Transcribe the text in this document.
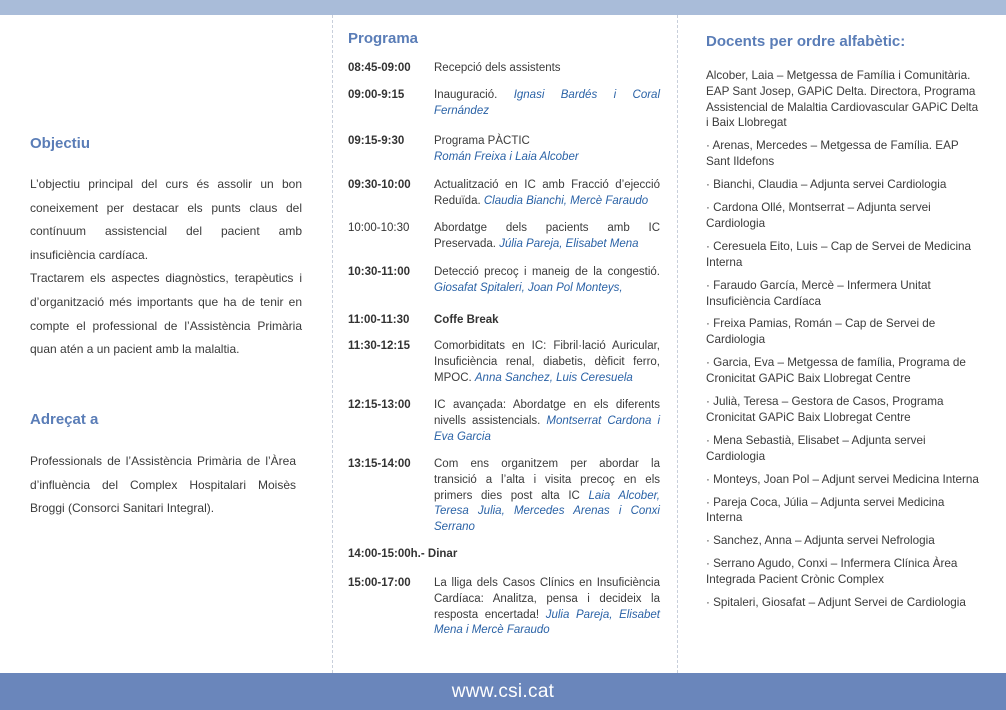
Objectiu

L’objectiu principal del curs és assolir un bon coneixement per destacar els punts claus del contínuum assistencial del pacient amb insuficiència cardíaca.

Tractarem els aspectes diagnòstics, terapèutics i d’organització més importants que ha de tenir en compte el professional de l’Assistència Primària quan atén a un pacient amb la malaltia.

Adreçat a
Professionals de l’Assistència Primària de l’Àrea d’influència del Complex Hospitalari Moisès Broggi (Consorci Sanitari Integral).
Programa
08:45-09:00	Recepció dels assistents
09:00-9:15	Inauguració. Ignasi Bardés i Coral Fernández
09:15-9:30	Programa PÀCTIC
Román Freixa i Laia Alcober
09:30-10:00	Actualització en IC amb Fracció d’ejecció Reduïda. Claudia Bianchi, Mercè Faraudo
10:00-10:30	Abordatge dels pacients amb IC Preservada. Júlia Pareja, Elisabet Mena
10:30-11:00	Detecció precoç i maneig de la congestió. Giosafat Spitaleri, Joan Pol Monteys,
11:00-11:30	Coffe Break
11:30-12:15	Comorbiditats en IC: Fibril·lació Auricular, Insuficiència renal, diabetis, dèficit ferro, MPOC. Anna Sanchez, Luis Ceresuela
12:15-13:00	IC avançada: Abordatge en els diferents nivells assistencials. Montserrat Cardona i Eva Garcia
13:15-14:00	Com ens organitzem per abordar la transició a l’alta i visita precoç en els primers dies post alta IC Laia Alcober, Teresa Julia, Mercedes Arenas i Conxi Serrano
14:00-15:00h.- Dinar
15:00-17:00	La lliga dels Casos Clínics en Insuficiència Cardíaca: Analitza, pensa i decideix la resposta encertada! Julia Pareja, Elisabet Mena i Mercè Faraudo
Docents per ordre alfabètic:
Alcober, Laia – Metgessa de Família i Comunitària. EAP Sant Josep, GAPiC Delta. Directora, Programa Assistencial de Malaltia Cardiovascular GAPiC Delta i Baix Llobregat
· Arenas, Mercedes – Metgessa de Família. EAP Sant Ildefons
· Bianchi, Claudia – Adjunta servei Cardiologia
· Cardona Ollé, Montserrat – Adjunta servei Cardiologia
· Ceresuela Eito, Luis – Cap de Servei de Medicina Interna
· Faraudo García, Mercè – Infermera Unitat Insuficiència Cardíaca
· Freixa Pamias, Román – Cap de Servei de Cardiologia
· Garcia, Eva – Metgessa de família, Programa de Cronicitat GAPiC Baix Llobregat Centre
· Julià, Teresa – Gestora de Casos, Programa Cronicitat GAPiC Baix Llobregat Centre
· Mena Sebastià, Elisabet – Adjunta servei Cardiologia
· Monteys, Joan Pol – Adjunt servei Medicina Interna
· Pareja Coca, Júlia – Adjunta servei Medicina Interna
· Sanchez, Anna – Adjunta servei Nefrologia
· Serrano Agudo, Conxi – Infermera Clínica Àrea Integrada Pacient Crònic Complex
· Spitaleri, Giosafat – Adjunt Servei de Cardiologia
www.csi.cat
